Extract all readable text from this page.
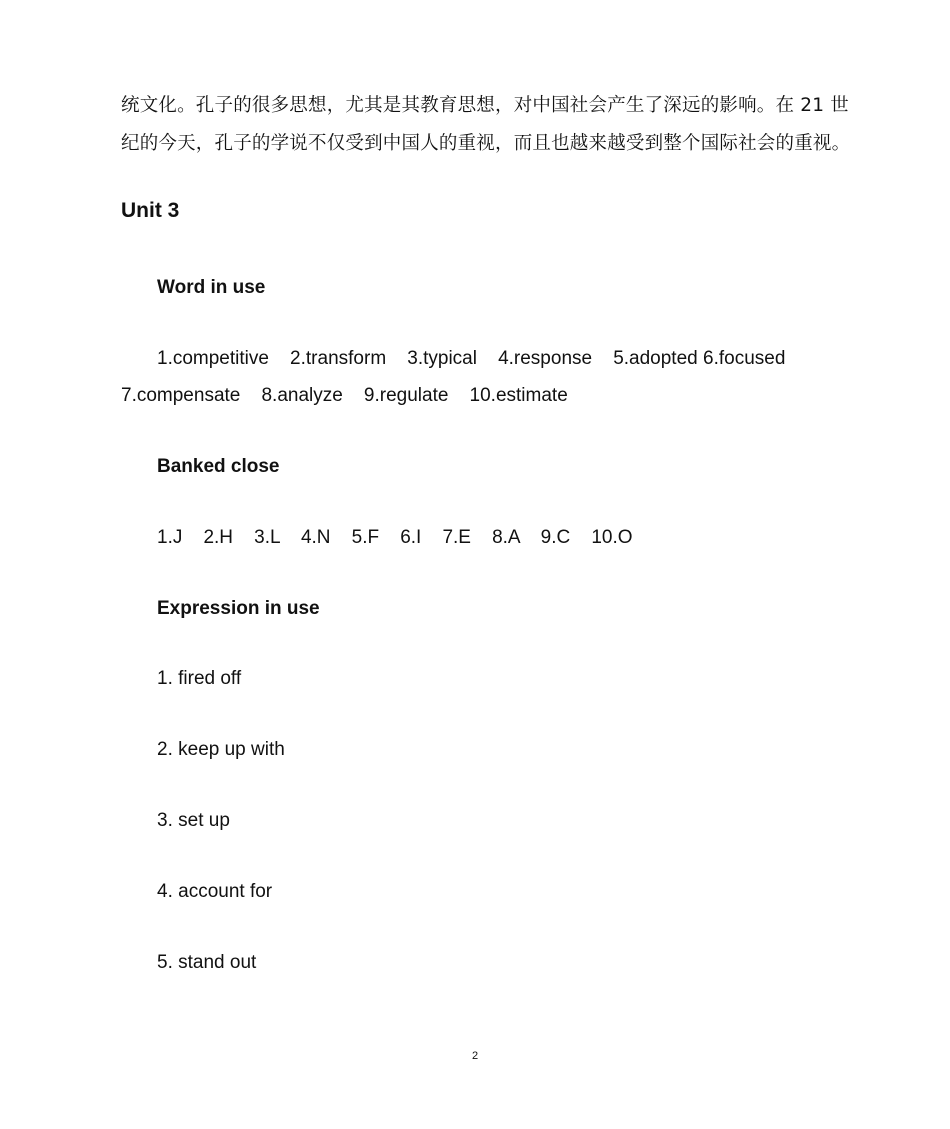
统文化。孔子的很多思想，尤其是其教育思想，对中国社会产生了深远的影响。在 21 世
纪的今天，孔子的学说不仅受到中国人的重视，而且也越来越受到整个国际社会的重视。
Unit 3
Word in use
1.competitive    2.transform    3.typical    4.response    5.adopted 6.focused
7.compensate    8.analyze    9.regulate    10.estimate
Banked close
1.J    2.H    3.L    4.N    5.F    6.I    7.E    8.A    9.C    10.O
Expression in use
1. fired off
2. keep up with
3. set up
4. account for
5. stand out
2
